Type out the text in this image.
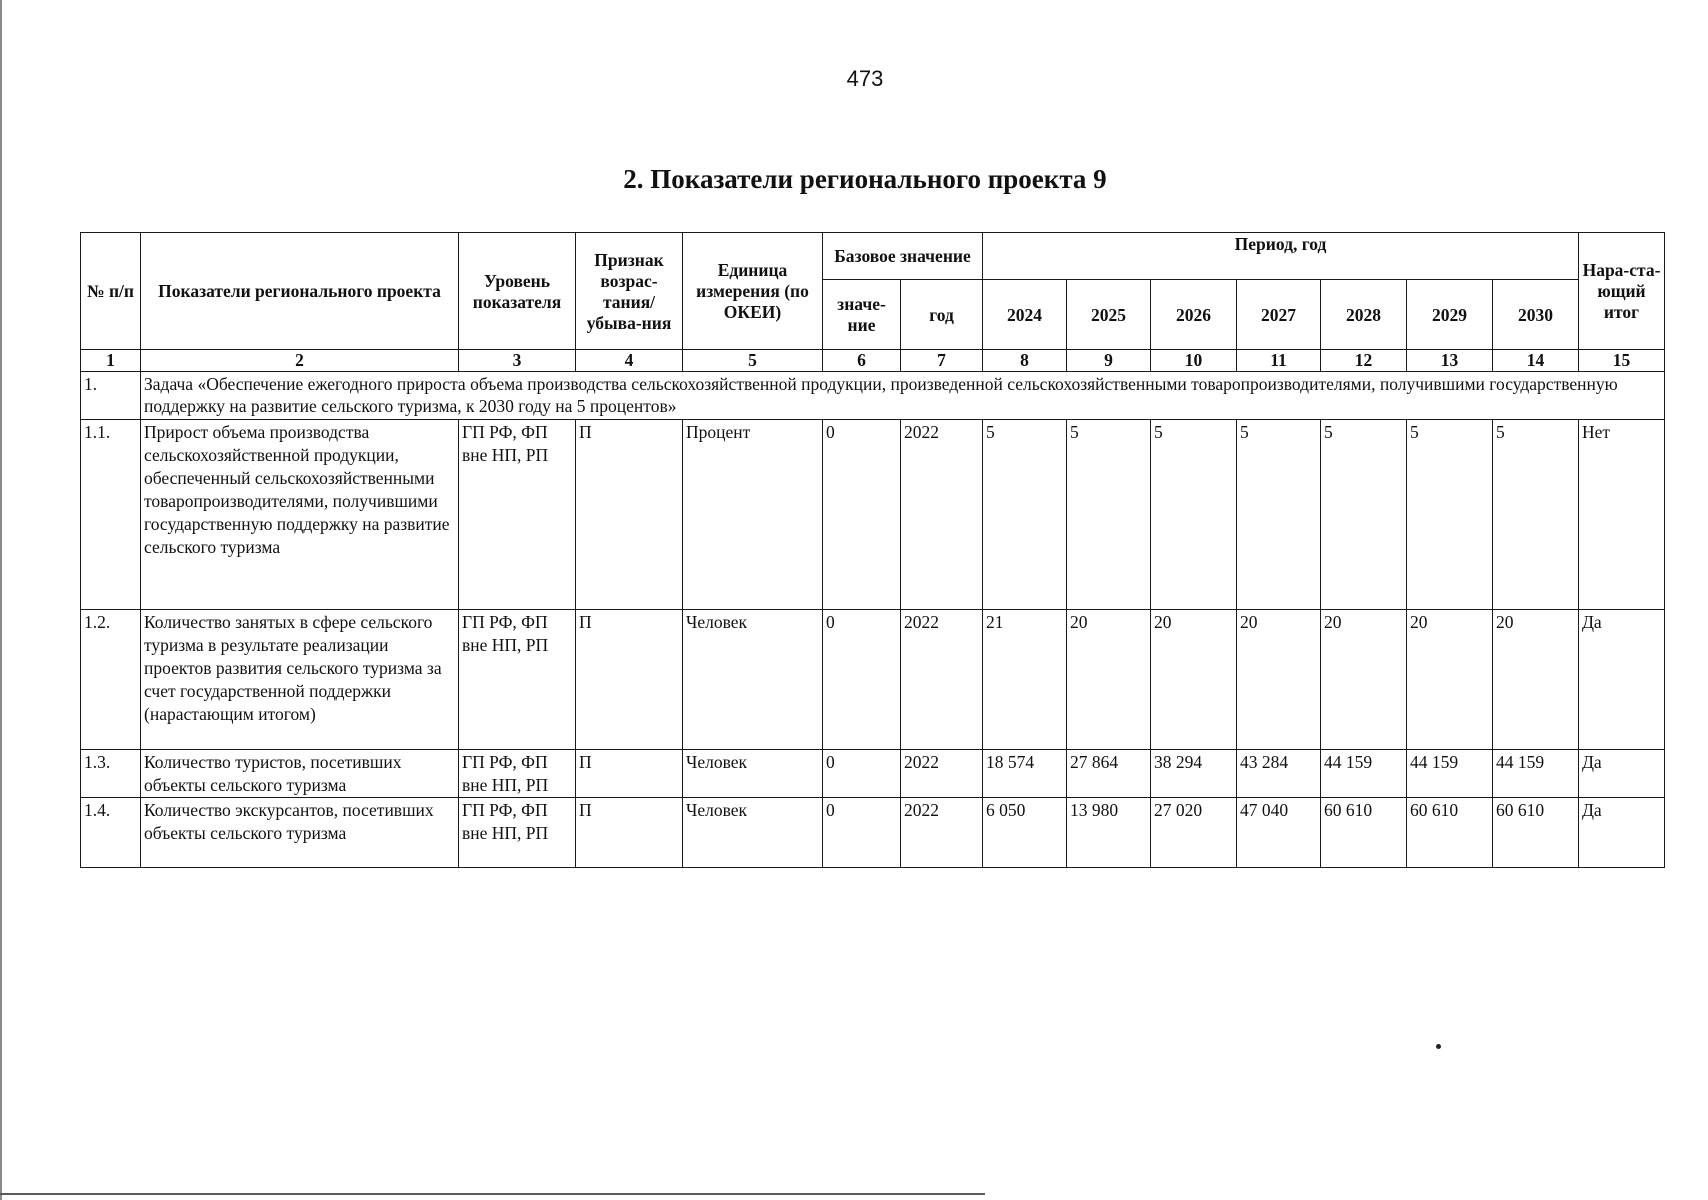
473
2. Показатели регионального проекта 9
№ п/п	Показатели регионального проекта	Уровень показателя	Признак возрас-тания/ убыва-ния	Единица измерения (по ОКЕИ)	Базовое значение		Период, год							Нара-ста-ющий итог
					значе-ние	год	2024	2025	2026	2027	2028	2029	2030	
1	2	3	4	5	6	7	8	9	10	11	12	13	14	15
1.	Задача «Обеспечение ежегодного прироста объема производства сельскохозяйственной продукции, произведенной сельскохозяйственными товаропроизводителями, получившими государственную поддержку на развитие сельского туризма, к 2030 году на 5 процентов»													
1.1.	Прирост объема производства сельскохозяйственной продукции, обеспеченный сельскохозяйственными товаропроизводителями, получившими государственную поддержку на развитие сельского туризма	ГП РФ, ФП вне НП, РП	П	Процент	0	2022	5	5	5	5	5	5	5	Нет
1.2.	Количество занятых в сфере сельского туризма в результате реализации проектов развития сельского туризма за счет государственной поддержки (нарастающим итогом)	ГП РФ, ФП вне НП, РП	П	Человек	0	2022	21	20	20	20	20	20	20	Да
1.3.	Количество туристов, посетивших объекты сельского туризма	ГП РФ, ФП вне НП, РП	П	Человек	0	2022	18 574	27 864	38 294	43 284	44 159	44 159	44 159	Да
1.4.	Количество экскурсантов, посетивших объекты сельского туризма	ГП РФ, ФП вне НП, РП	П	Человек	0	2022	6 050	13 980	27 020	47 040	60 610	60 610	60 610	Да
